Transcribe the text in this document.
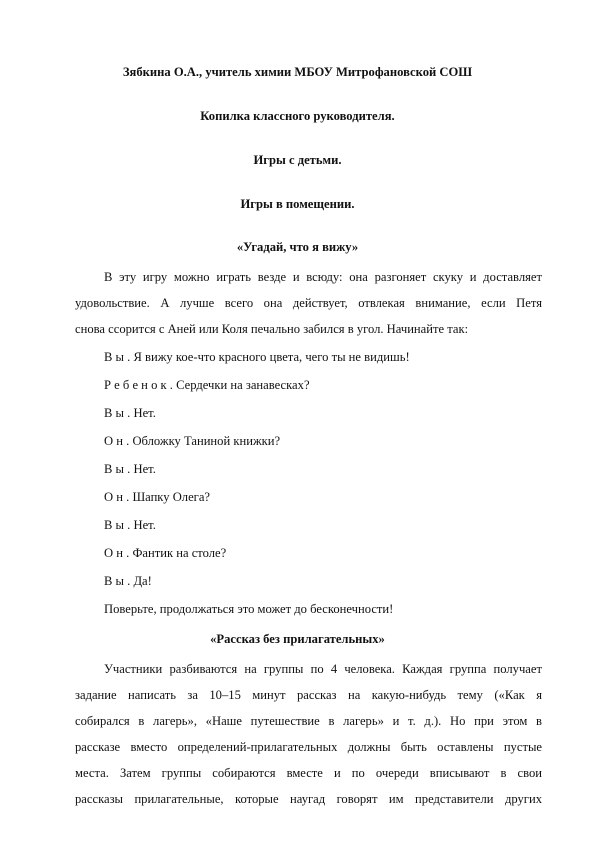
Зябкина О.А., учитель химии МБОУ Митрофановской СОШ
Копилка классного руководителя.
Игры с детьми.
Игры в помещении.
«Угадай, что я вижу»
В эту игру можно играть везде и всюду: она разгоняет скуку и доставляет
удовольствие. А лучше всего она действует, отвлекая внимание, если Петя
снова ссорится с Аней или Коля печально забился в угол. Начинайте так:
В ы . Я вижу кое-что красного цвета, чего ты не видишь!
Р е б е н о к . Сердечки на занавесках?
В ы . Нет.
О н . Обложку Таниной книжки?
В ы . Нет.
О н . Шапку Олега?
В ы . Нет.
О н . Фантик на столе?
В ы . Да!
Поверьте, продолжаться это может до бесконечности!
«Рассказ без прилагательных»
Участники разбиваются на группы по 4 человека. Каждая группа получает
задание написать за 10–15 минут рассказ на какую-нибудь тему («Как я
собирался в лагерь», «Наше путешествие в лагерь» и т. д.). Но при этом в
рассказе вместо определений-прилагательных должны быть оставлены пустые
места. Затем группы собираются вместе и по очереди вписывают в свои
рассказы прилагательные, которые наугад говорят им представители других
